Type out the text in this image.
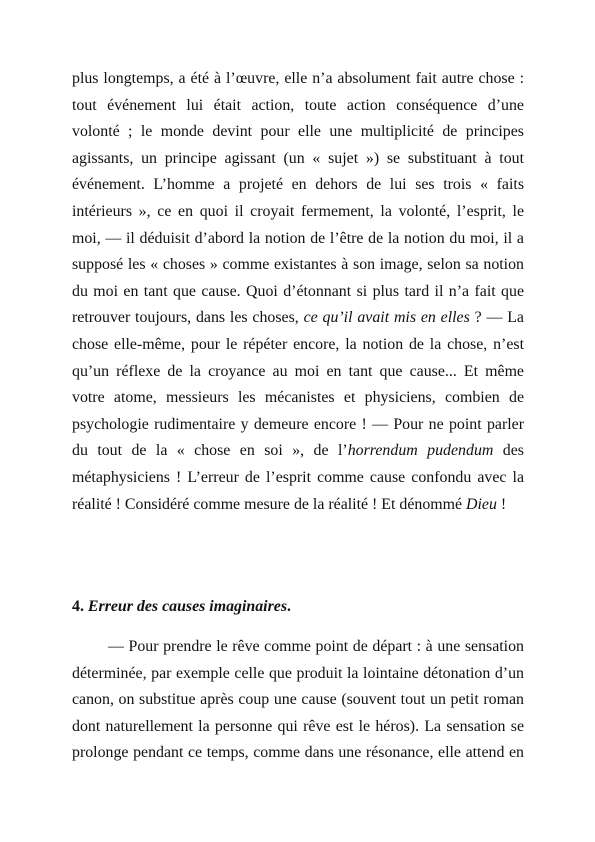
plus longtemps, a été à l’œuvre, elle n’a absolument fait autre chose :
tout événement lui était action, toute action conséquence d’une
volonté ; le monde devint pour elle une multiplicité de principes
agissants, un principe agissant (un « sujet ») se substituant à tout
événement. L’homme a projeté en dehors de lui ses trois « faits
intérieurs », ce en quoi il croyait fermement, la volonté, l’esprit, le
moi, — il déduisit d’abord la notion de l’être de la notion du moi, il a
supposé les « choses » comme existantes à son image, selon sa notion
du moi en tant que cause. Quoi d’étonnant si plus tard il n’a fait que
retrouver toujours, dans les choses, ce qu’il avait mis en elles ? — La
chose elle-même, pour le répéter encore, la notion de la chose, n’est
qu’un réflexe de la croyance au moi en tant que cause... Et même
votre atome, messieurs les mécanistes et physiciens, combien de
psychologie rudimentaire y demeure encore ! — Pour ne point parler
du tout de la « chose en soi », de l’horrendum pudendum des
métaphysiciens ! L’erreur de l’esprit comme cause confondu avec la
réalité ! Considéré comme mesure de la réalité ! Et dénommé Dieu !

4. Erreur des causes imaginaires.

— Pour prendre le rêve comme point de départ : à une sensation
déterminée, par exemple celle que produit la lointaine détonation d’un
canon, on substitue après coup une cause (souvent tout un petit roman
dont naturellement la personne qui rêve est le héros). La sensation se
prolonge pendant ce temps, comme dans une résonance, elle attend en
